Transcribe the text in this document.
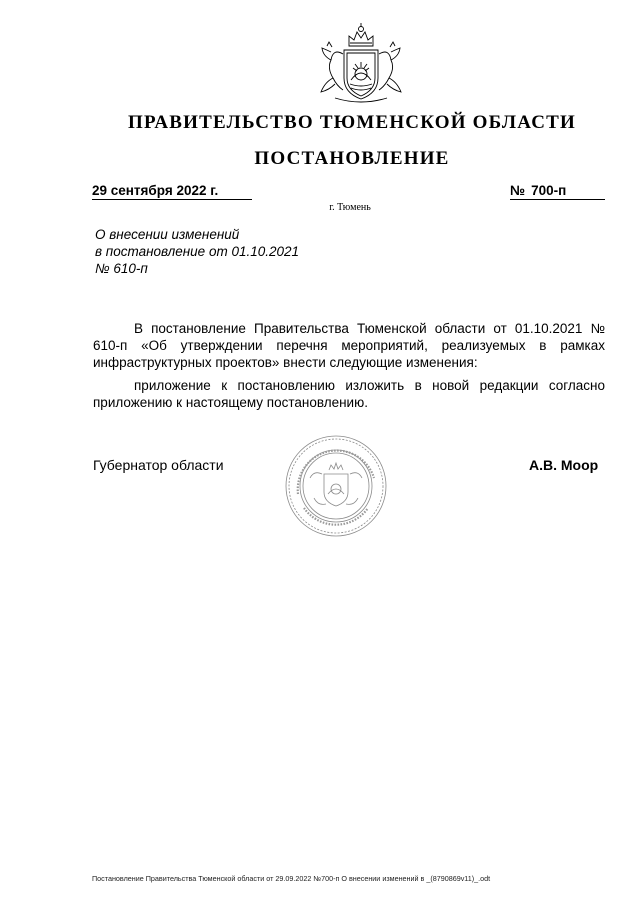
ПРАВИТЕЛЬСТВО ТЮМЕНСКОЙ ОБЛАСТИ
ПОСТАНОВЛЕНИЕ
29 сентября 2022 г.	№ 700-п
г. Тюмень
О внесении изменений
в постановление от 01.10.2021
№ 610-п

В постановление Правительства Тюменской области от 01.10.2021 № 610-п «Об утверждении перечня мероприятий, реализуемых в рамках инфраструктурных проектов» внести следующие изменения:

приложение к постановлению изложить в новой редакции согласно приложению к настоящему постановлению.

Губернатор области	А.В. Моор
Постановление Правительства Тюменской области от 29.09.2022 №700-п О внесении изменений в _(8790869v11)_.odt
